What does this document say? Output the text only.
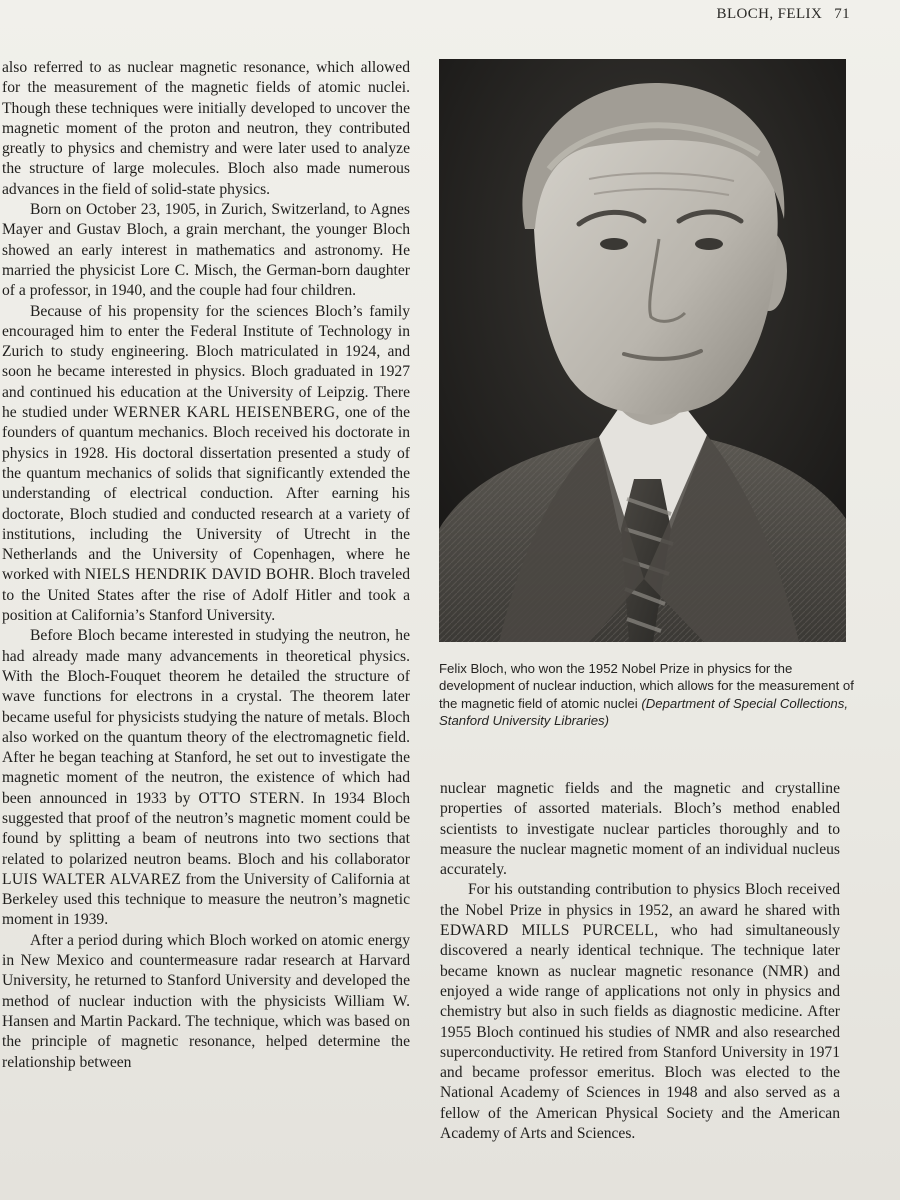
BLOCH, FELIX 71

also referred to as nuclear magnetic resonance, which allowed for the measurement of the magnetic fields of atomic nuclei. Though these techniques were initially developed to uncover the magnetic moment of the proton and neutron, they contributed greatly to physics and chemistry and were later used to analyze the structure of large molecules. Bloch also made numerous advances in the field of solid-state physics.

Born on October 23, 1905, in Zurich, Switzerland, to Agnes Mayer and Gustav Bloch, a grain merchant, the younger Bloch showed an early interest in mathematics and astronomy. He married the physicist Lore C. Misch, the German-born daughter of a professor, in 1940, and the couple had four children.

Because of his propensity for the sciences Bloch’s family encouraged him to enter the Federal Institute of Technology in Zurich to study engineering. Bloch matriculated in 1924, and soon he became interested in physics. Bloch graduated in 1927 and continued his education at the University of Leipzig. There he studied under WERNER KARL HEISENBERG, one of the founders of quantum mechanics. Bloch received his doctorate in physics in 1928. His doctoral dissertation presented a study of the quantum mechanics of solids that significantly extended the understanding of electrical conduction. After earning his doctorate, Bloch studied and conducted research at a variety of institutions, including the University of Utrecht in the Netherlands and the University of Copenhagen, where he worked with NIELS HENDRIK DAVID BOHR. Bloch traveled to the United States after the rise of Adolf Hitler and took a position at California’s Stanford University.

Before Bloch became interested in studying the neutron, he had already made many advancements in theoretical physics. With the Bloch-Fouquet theorem he detailed the structure of wave functions for electrons in a crystal. The theorem later became useful for physicists studying the nature of metals. Bloch also worked on the quantum theory of the electromagnetic field. After he began teaching at Stanford, he set out to investigate the magnetic moment of the neutron, the existence of which had been announced in 1933 by OTTO STERN. In 1934 Bloch suggested that proof of the neutron’s magnetic moment could be found by splitting a beam of neutrons into two sections that related to polarized neutron beams. Bloch and his collaborator LUIS WALTER ALVAREZ from the University of California at Berkeley used this technique to measure the neutron’s magnetic moment in 1939.

After a period during which Bloch worked on atomic energy in New Mexico and countermeasure radar research at Harvard University, he returned to Stanford University and developed the method of nuclear induction with the physicists William W. Hansen and Martin Packard. The technique, which was based on the principle of magnetic resonance, helped determine the relationship between

Felix Bloch, who won the 1952 Nobel Prize in physics for the development of nuclear induction, which allows for the measurement of the magnetic field of atomic nuclei (Department of Special Collections, Stanford University Libraries)

nuclear magnetic fields and the magnetic and crystalline properties of assorted materials. Bloch’s method enabled scientists to investigate nuclear particles thoroughly and to measure the nuclear magnetic moment of an individual nucleus accurately.

For his outstanding contribution to physics Bloch received the Nobel Prize in physics in 1952, an award he shared with EDWARD MILLS PURCELL, who had simultaneously discovered a nearly identical technique. The technique later became known as nuclear magnetic resonance (NMR) and enjoyed a wide range of applications not only in physics and chemistry but also in such fields as diagnostic medicine. After 1955 Bloch continued his studies of NMR and also researched superconductivity. He retired from Stanford University in 1971 and became professor emeritus. Bloch was elected to the National Academy of Sciences in 1948 and also served as a fellow of the American Physical Society and the American Academy of Arts and Sciences.
